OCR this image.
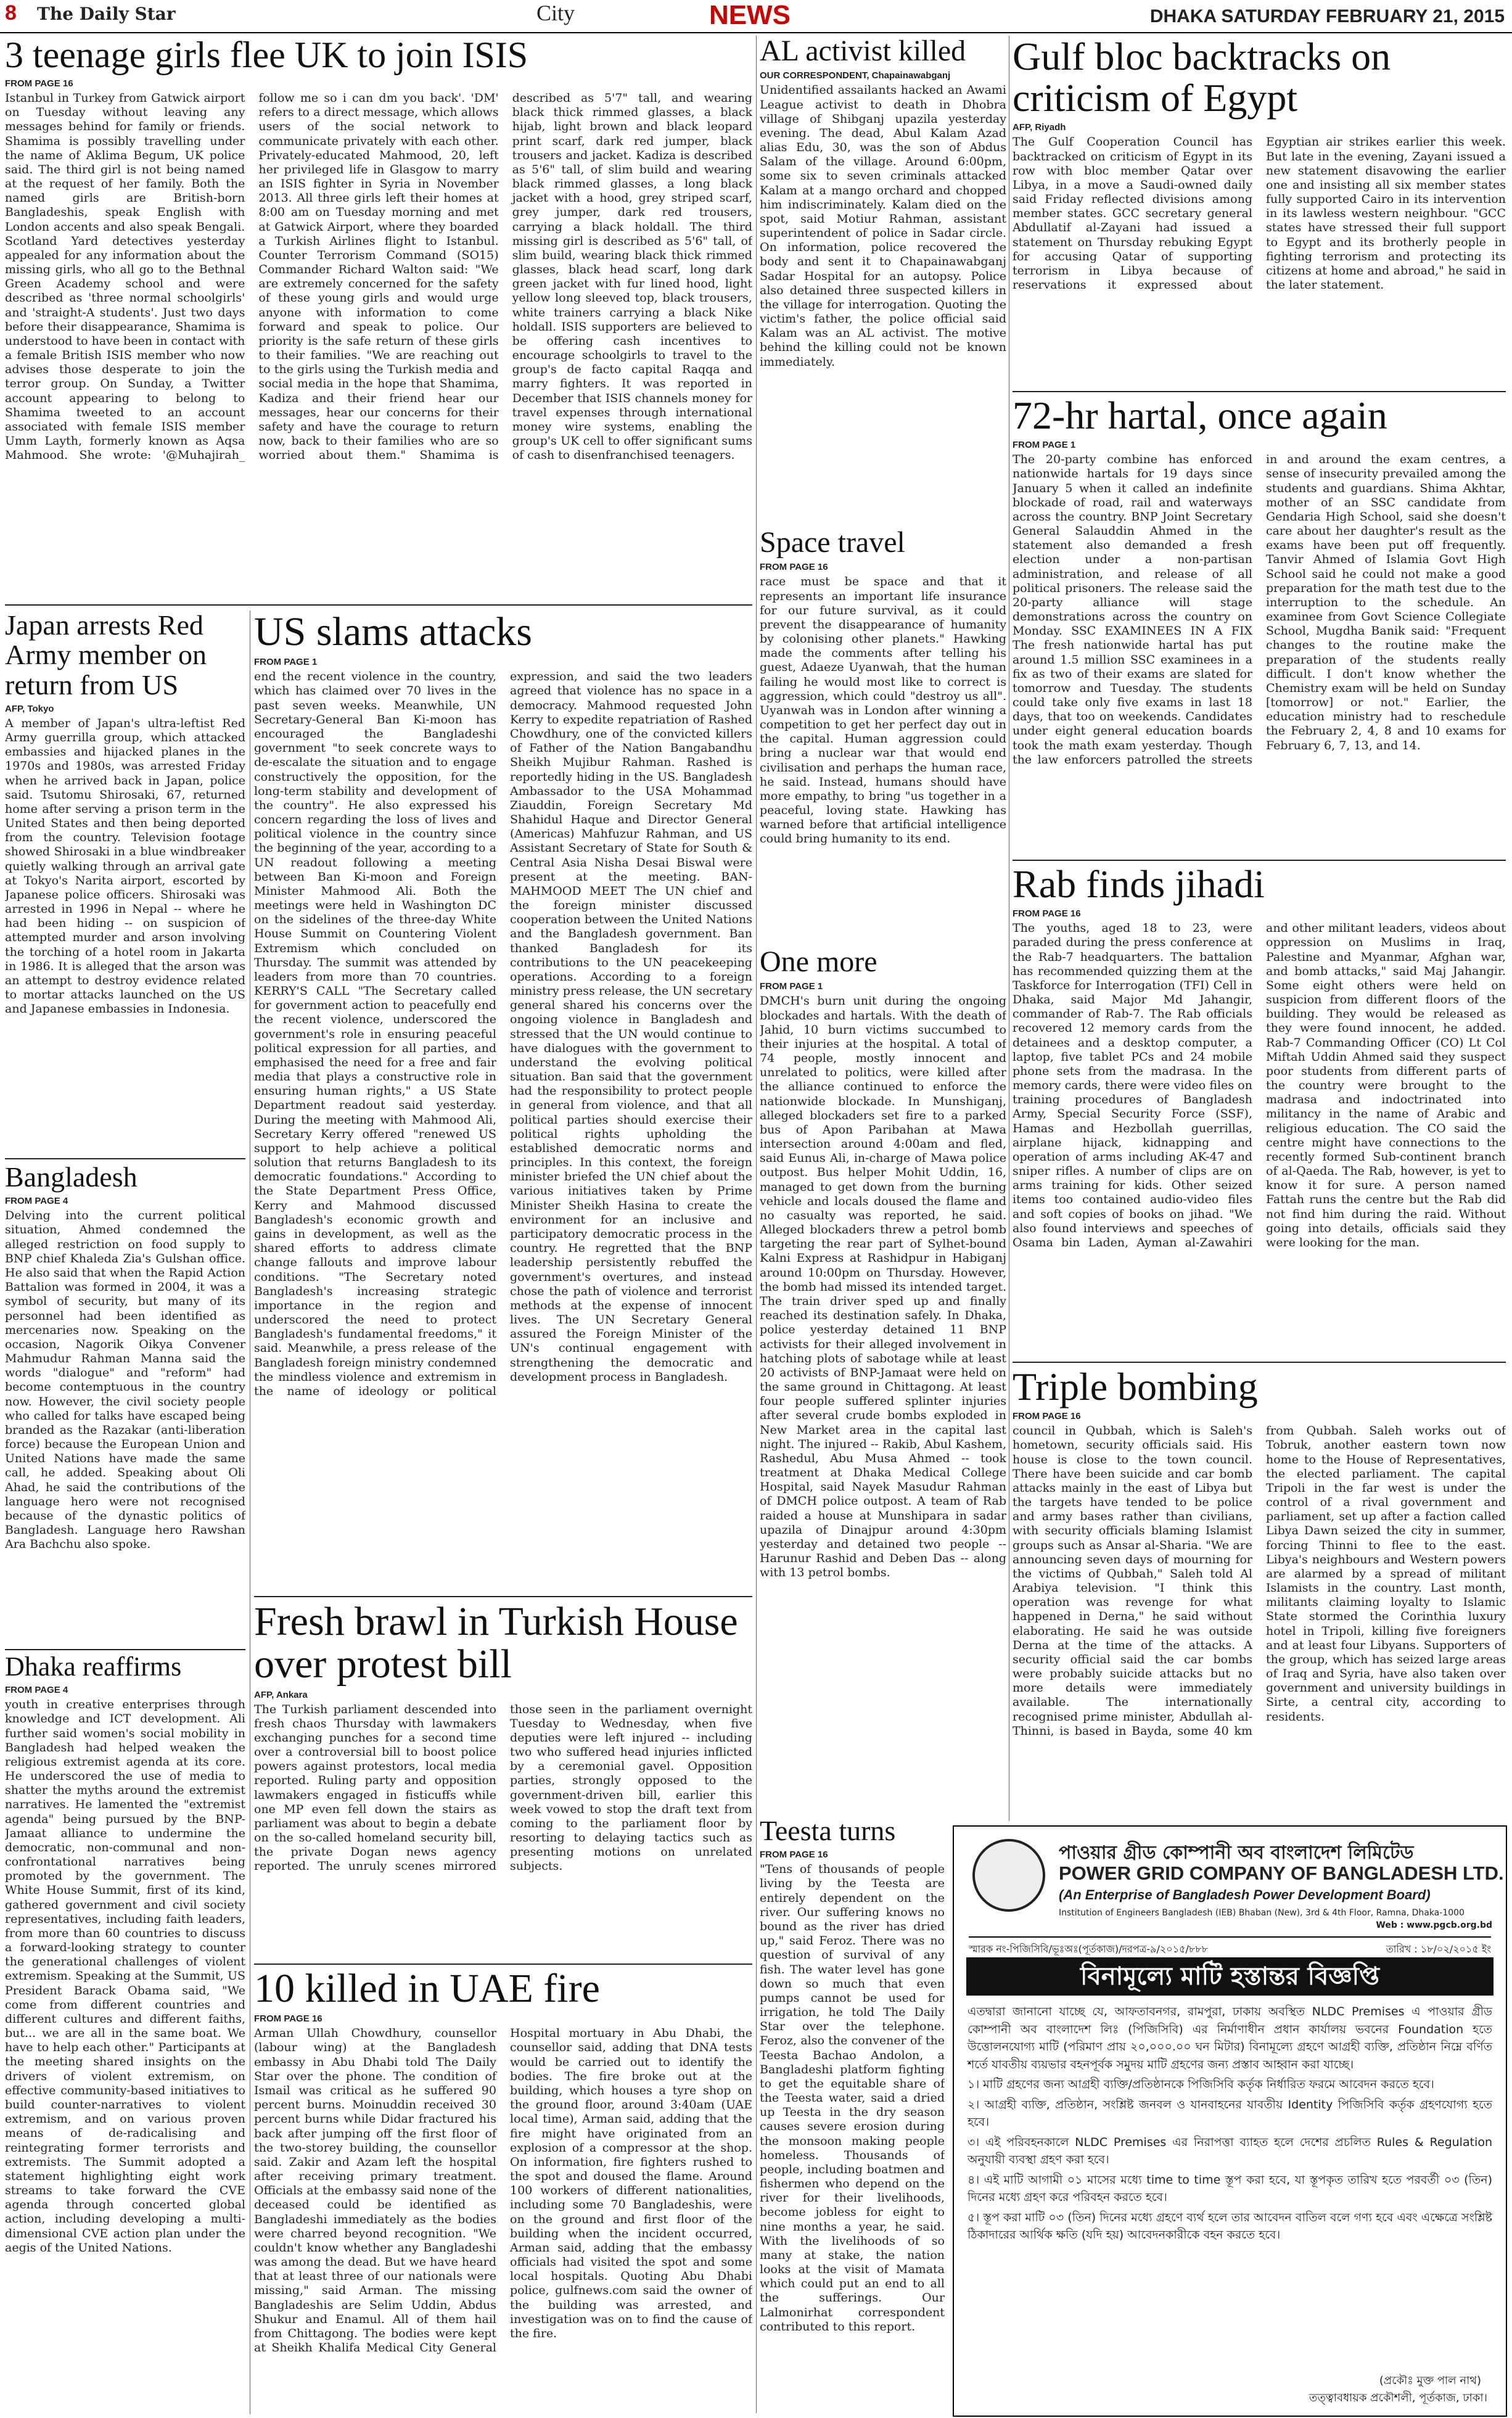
8 The Daily Star	City	NEWS	DHAKA SATURDAY FEBRUARY 21, 2015
3 teenage girls flee UK to join ISIS
FROM PAGE 16
Istanbul in Turkey from Gatwick airport on Tuesday without leaving any messages behind for family or friends. Shamima is possibly travelling under the name of Aklima Begum, UK police said. The third girl is not being named at the request of her family. Both the named girls are British-born Bangladeshis, speak English with London accents and also speak Bengali. Scotland Yard detectives yesterday appealed for any information about the missing girls, who all go to the Bethnal Green Academy school and were described as 'three normal schoolgirls' and 'straight-A students'. Just two days before their disappearance, Shamima is understood to have been in contact with a female British ISIS member who now advises those desperate to join the terror group. On Sunday, a Twitter account appearing to belong to Shamima tweeted to an account associated with female ISIS member Umm Layth, formerly known as Aqsa Mahmood. She wrote: '@Muhajirah_ follow me so i can dm you back'. 'DM' refers to a direct message, which allows users of the social network to communicate privately with each other. Privately-educated Mahmood, 20, left her privileged life in Glasgow to marry an ISIS fighter in Syria in November 2013. All three girls left their homes at 8:00 am on Tuesday morning and met at Gatwick Airport, where they boarded a Turkish Airlines flight to Istanbul. Counter Terrorism Command (SO15) Commander Richard Walton said: "We are extremely concerned for the safety of these young girls and would urge anyone with information to come forward and speak to police. Our priority is the safe return of these girls to their families. "We are reaching out to the girls using the Turkish media and social media in the hope that Shamima, Kadiza and their friend hear our messages, hear our concerns for their safety and have the courage to return now, back to their families who are so worried about them." Shamima is described as 5'7" tall, and wearing black thick rimmed glasses, a black hijab, light brown and black leopard print scarf, dark red jumper, black trousers and jacket. Kadiza is described as 5'6" tall, of slim build and wearing black rimmed glasses, a long black jacket with a hood, grey striped scarf, grey jumper, dark red trousers, carrying a black holdall. The third missing girl is described as 5'6" tall, of slim build, wearing black thick rimmed glasses, black head scarf, long dark green jacket with fur lined hood, light yellow long sleeved top, black trousers, white trainers carrying a black Nike holdall. ISIS supporters are believed to be offering cash incentives to encourage schoolgirls to travel to the group's de facto capital Raqqa and marry fighters. It was reported in December that ISIS channels money for travel expenses through international money wire systems, enabling the group's UK cell to offer significant sums of cash to disenfranchised teenagers.
AL activist killed
OUR CORRESPONDENT, Chapainawabganj
Unidentified assailants hacked an Awami League activist to death in Dhobra village of Shibganj upazila yesterday evening. The dead, Abul Kalam Azad alias Edu, 30, was the son of Abdus Salam of the village. Around 6:00pm, some six to seven criminals attacked Kalam at a mango orchard and chopped him indiscriminately. Kalam died on the spot, said Motiur Rahman, assistant superintendent of police in Sadar circle. On information, police recovered the body and sent it to Chapainawabganj Sadar Hospital for an autopsy. Police also detained three suspected killers in the village for interrogation. Quoting the victim's father, the police official said Kalam was an AL activist. The motive behind the killing could not be known immediately.
Gulf bloc backtracks on criticism of Egypt
AFP, Riyadh
The Gulf Cooperation Council has backtracked on criticism of Egypt in its row with bloc member Qatar over Libya, in a move a Saudi-owned daily said Friday reflected divisions among member states. GCC secretary general Abdullatif al-Zayani had issued a statement on Thursday rebuking Egypt for accusing Qatar of supporting terrorism in Libya because of reservations it expressed about Egyptian air strikes earlier this week. But late in the evening, Zayani issued a new statement disavowing the earlier one and insisting all six member states fully supported Cairo in its intervention in its lawless western neighbour. "GCC states have stressed their full support to Egypt and its brotherly people in fighting terrorism and protecting its citizens at home and abroad," he said in the later statement.
72-hr hartal, once again
FROM PAGE 1
The 20-party combine has enforced nationwide hartals for 19 days since January 5 when it called an indefinite blockade of road, rail and waterways across the country. BNP Joint Secretary General Salauddin Ahmed in the statement also demanded a fresh election under a non-partisan administration, and release of all political prisoners. The release said the 20-party alliance will stage demonstrations across the country on Monday. SSC EXAMINEES IN A FIX The fresh nationwide hartal has put around 1.5 million SSC examinees in a fix as two of their exams are slated for tomorrow and Tuesday. The students could take only five exams in last 18 days, that too on weekends. Candidates under eight general education boards took the math exam yesterday. Though the law enforcers patrolled the streets in and around the exam centres, a sense of insecurity prevailed among the students and guardians. Shima Akhtar, mother of an SSC candidate from Gendaria High School, said she doesn't care about her daughter's result as the exams have been put off frequently. Tanvir Ahmed of Islamia Govt High School said he could not make a good preparation for the math test due to the interruption to the schedule. An examinee from Govt Science Collegiate School, Mugdha Banik said: "Frequent changes to the routine make the preparation of the students really difficult. I don't know whether the Chemistry exam will be held on Sunday [tomorrow] or not." Earlier, the education ministry had to reschedule the February 2, 4, 8 and 10 exams for February 6, 7, 13, and 14.
Japan arrests Red Army member on return from US
AFP, Tokyo
A member of Japan's ultra-leftist Red Army guerrilla group, which attacked embassies and hijacked planes in the 1970s and 1980s, was arrested Friday when he arrived back in Japan, police said. Tsutomu Shirosaki, 67, returned home after serving a prison term in the United States and then being deported from the country. Television footage showed Shirosaki in a blue windbreaker quietly walking through an arrival gate at Tokyo's Narita airport, escorted by Japanese police officers. Shirosaki was arrested in 1996 in Nepal -- where he had been hiding -- on suspicion of attempted murder and arson involving the torching of a hotel room in Jakarta in 1986. It is alleged that the arson was an attempt to destroy evidence related to mortar attacks launched on the US and Japanese embassies in Indonesia.
Bangladesh
FROM PAGE 4
Delving into the current political situation, Ahmed condemned the alleged restriction on food supply to BNP chief Khaleda Zia's Gulshan office. He also said that when the Rapid Action Battalion was formed in 2004, it was a symbol of security, but many of its personnel had been identified as mercenaries now. Speaking on the occasion, Nagorik Oikya Convener Mahmudur Rahman Manna said the words "dialogue" and "reform" had become contemptuous in the country now. However, the civil society people who called for talks have escaped being branded as the Razakar (anti-liberation force) because the European Union and United Nations have made the same call, he added. Speaking about Oli Ahad, he said the contributions of the language hero were not recognised because of the dynastic politics of Bangladesh. Language hero Rawshan Ara Bachchu also spoke.
Dhaka reaffirms
FROM PAGE 4
youth in creative enterprises through knowledge and ICT development. Ali further said women's social mobility in Bangladesh had helped weaken the religious extremist agenda at its core. He underscored the use of media to shatter the myths around the extremist narratives. He lamented the "extremist agenda" being pursued by the BNP-Jamaat alliance to undermine the democratic, non-communal and non-confrontational narratives being promoted by the government. The White House Summit, first of its kind, gathered government and civil society representatives, including faith leaders, from more than 60 countries to discuss a forward-looking strategy to counter the generational challenges of violent extremism. Speaking at the Summit, US President Barack Obama said, "We come from different countries and different cultures and different faiths, but... we are all in the same boat. We have to help each other." Participants at the meeting shared insights on the drivers of violent extremism, on effective community-based initiatives to build counter-narratives to violent extremism, and on various proven means of de-radicalising and reintegrating former terrorists and extremists. The Summit adopted a statement highlighting eight work streams to take forward the CVE agenda through concerted global action, including developing a multi-dimensional CVE action plan under the aegis of the United Nations.
US slams attacks
FROM PAGE 1
end the recent violence in the country, which has claimed over 70 lives in the past seven weeks. Meanwhile, UN Secretary-General Ban Ki-moon has encouraged the Bangladeshi government "to seek concrete ways to de-escalate the situation and to engage constructively the opposition, for the long-term stability and development of the country". He also expressed his concern regarding the loss of lives and political violence in the country since the beginning of the year, according to a UN readout following a meeting between Ban Ki-moon and Foreign Minister Mahmood Ali. Both the meetings were held in Washington DC on the sidelines of the three-day White House Summit on Countering Violent Extremism which concluded on Thursday. The summit was attended by leaders from more than 70 countries. KERRY'S CALL "The Secretary called for government action to peacefully end the recent violence, underscored the government's role in ensuring peaceful political expression for all parties, and emphasised the need for a free and fair media that plays a constructive role in ensuring human rights," a US State Department readout said yesterday. During the meeting with Mahmood Ali, Secretary Kerry offered "renewed US support to help achieve a political solution that returns Bangladesh to its democratic foundations." According to the State Department Press Office, Kerry and Mahmood discussed Bangladesh's economic growth and gains in development, as well as the shared efforts to address climate change fallouts and improve labour conditions. "The Secretary noted Bangladesh's increasing strategic importance in the region and underscored the need to protect Bangladesh's fundamental freedoms," it said. Meanwhile, a press release of the Bangladesh foreign ministry condemned the mindless violence and extremism in the name of ideology or political expression, and said the two leaders agreed that violence has no space in a democracy. Mahmood requested John Kerry to expedite repatriation of Rashed Chowdhury, one of the convicted killers of Father of the Nation Bangabandhu Sheikh Mujibur Rahman. Rashed is reportedly hiding in the US. Bangladesh Ambassador to the USA Mohammad Ziauddin, Foreign Secretary Md Shahidul Haque and Director General (Americas) Mahfuzur Rahman, and US Assistant Secretary of State for South & Central Asia Nisha Desai Biswal were present at the meeting. BAN-MAHMOOD MEET The UN chief and the foreign minister discussed cooperation between the United Nations and the Bangladesh government. Ban thanked Bangladesh for its contributions to the UN peacekeeping operations. According to a foreign ministry press release, the UN secretary general shared his concerns over the ongoing violence in Bangladesh and stressed that the UN would continue to have dialogues with the government to understand the evolving political situation. Ban said that the government had the responsibility to protect people in general from violence, and that all political parties should exercise their political rights upholding the established democratic norms and principles. In this context, the foreign minister briefed the UN chief about the various initiatives taken by Prime Minister Sheikh Hasina to create the environment for an inclusive and participatory democratic process in the country. He regretted that the BNP leadership persistently rebuffed the government's overtures, and instead chose the path of violence and terrorist methods at the expense of innocent lives. The UN Secretary General assured the Foreign Minister of the UN's continual engagement with strengthening the democratic and development process in Bangladesh.
Space travel
FROM PAGE 16
race must be space and that it represents an important life insurance for our future survival, as it could prevent the disappearance of humanity by colonising other planets." Hawking made the comments after telling his guest, Adaeze Uyanwah, that the human failing he would most like to correct is aggression, which could "destroy us all". Uyanwah was in London after winning a competition to get her perfect day out in the capital. Human aggression could bring a nuclear war that would end civilisation and perhaps the human race, he said. Instead, humans should have more empathy, to bring "us together in a peaceful, loving state. Hawking has warned before that artificial intelligence could bring humanity to its end.
One more
FROM PAGE 1
DMCH's burn unit during the ongoing blockades and hartals. With the death of Jahid, 10 burn victims succumbed to their injuries at the hospital. A total of 74 people, mostly innocent and unrelated to politics, were killed after the alliance continued to enforce the nationwide blockade. In Munshiganj, alleged blockaders set fire to a parked bus of Apon Paribahan at Mawa intersection around 4:00am and fled, said Eunus Ali, in-charge of Mawa police outpost. Bus helper Mohit Uddin, 16, managed to get down from the burning vehicle and locals doused the flame and no casualty was reported, he said. Alleged blockaders threw a petrol bomb targeting the rear part of Sylhet-bound Kalni Express at Rashidpur in Habiganj around 10:00pm on Thursday. However, the bomb had missed its intended target. The train driver sped up and finally reached its destination safely. In Dhaka, police yesterday detained 11 BNP activists for their alleged involvement in hatching plots of sabotage while at least 20 activists of BNP-Jamaat were held on the same ground in Chittagong. At least four people suffered splinter injuries after several crude bombs exploded in New Market area in the capital last night. The injured -- Rakib, Abul Kashem, Rashedul, Abu Musa Ahmed -- took treatment at Dhaka Medical College Hospital, said Nayek Masudur Rahman of DMCH police outpost. A team of Rab raided a house at Munshipara in sadar upazila of Dinajpur around 4:30pm yesterday and detained two people -- Harunur Rashid and Deben Das -- along with 13 petrol bombs.
Rab finds jihadi
FROM PAGE 16
The youths, aged 18 to 23, were paraded during the press conference at the Rab-7 headquarters. The battalion has recommended quizzing them at the Taskforce for Interrogation (TFI) Cell in Dhaka, said Major Md Jahangir, commander of Rab-7. The Rab officials recovered 12 memory cards from the detainees and a desktop computer, a laptop, five tablet PCs and 24 mobile phone sets from the madrasa. In the memory cards, there were video files on training procedures of Bangladesh Army, Special Security Force (SSF), Hamas and Hezbollah guerrillas, airplane hijack, kidnapping and operation of arms including AK-47 and sniper rifles. A number of clips are on arms training for kids. Other seized items too contained audio-video files and soft copies of books on jihad. "We also found interviews and speeches of Osama bin Laden, Ayman al-Zawahiri and other militant leaders, videos about oppression on Muslims in Iraq, Palestine and Myanmar, Afghan war, and bomb attacks," said Maj Jahangir. Some eight others were held on suspicion from different floors of the building. They would be released as they were found innocent, he added. Rab-7 Commanding Officer (CO) Lt Col Miftah Uddin Ahmed said they suspect poor students from different parts of the country were brought to the madrasa and indoctrinated into militancy in the name of Arabic and religious education. The CO said the centre might have connections to the recently formed Sub-continent branch of al-Qaeda. The Rab, however, is yet to know it for sure. A person named Fattah runs the centre but the Rab did not find him during the raid. Without going into details, officials said they were looking for the man.
Fresh brawl in Turkish House over protest bill
AFP, Ankara
The Turkish parliament descended into fresh chaos Thursday with lawmakers exchanging punches for a second time over a controversial bill to boost police powers against protestors, local media reported. Ruling party and opposition lawmakers engaged in fisticuffs while one MP even fell down the stairs as parliament was about to begin a debate on the so-called homeland security bill, the private Dogan news agency reported. The unruly scenes mirrored those seen in the parliament overnight Tuesday to Wednesday, when five deputies were left injured -- including two who suffered head injuries inflicted by a ceremonial gavel. Opposition parties, strongly opposed to the government-driven bill, earlier this week vowed to stop the draft text from coming to the parliament floor by resorting to delaying tactics such as presenting motions on unrelated subjects.
10 killed in UAE fire
FROM PAGE 16
Arman Ullah Chowdhury, counsellor (labour wing) at the Bangladesh embassy in Abu Dhabi told The Daily Star over the phone. The condition of Ismail was critical as he suffered 90 percent burns. Moinuddin received 30 percent burns while Didar fractured his back after jumping off the first floor of the two-storey building, the counsellor said. Zakir and Azam left the hospital after receiving primary treatment. Officials at the embassy said none of the deceased could be identified as Bangladeshi immediately as the bodies were charred beyond recognition. "We couldn't know whether any Bangladeshi was among the dead. But we have heard that at least three of our nationals were missing," said Arman. The missing Bangladeshis are Selim Uddin, Abdus Shukur and Enamul. All of them hail from Chittagong. The bodies were kept at Sheikh Khalifa Medical City General Hospital mortuary in Abu Dhabi, the counsellor said, adding that DNA tests would be carried out to identify the bodies. The fire broke out at the building, which houses a tyre shop on the ground floor, around 3:40am (UAE local time), Arman said, adding that the fire might have originated from an explosion of a compressor at the shop. On information, fire fighters rushed to the spot and doused the flame. Around 100 workers of different nationalities, including some 70 Bangladeshis, were on the ground and first floor of the building when the incident occurred, Arman said, adding that the embassy officials had visited the spot and some local hospitals. Quoting Abu Dhabi police, gulfnews.com said the owner of the building was arrested, and investigation was on to find the cause of the fire.
Teesta turns
FROM PAGE 16
"Tens of thousands of people living by the Teesta are entirely dependent on the river. Our suffering knows no bound as the river has dried up," said Feroz. There was no question of survival of any fish. The water level has gone down so much that even pumps cannot be used for irrigation, he told The Daily Star over the telephone. Feroz, also the convener of the Teesta Bachao Andolon, a Bangladeshi platform fighting to get the equitable share of the Teesta water, said a dried up Teesta in the dry season causes severe erosion during the monsoon making people homeless. Thousands of people, including boatmen and fishermen who depend on the river for their livelihoods, become jobless for eight to nine months a year, he said. With the livelihoods of so many at stake, the nation looks at the visit of Mamata which could put an end to all the sufferings. Our Lalmonirhat correspondent contributed to this report.
Triple bombing
FROM PAGE 16
council in Qubbah, which is Saleh's hometown, security officials said. His house is close to the town council. There have been suicide and car bomb attacks mainly in the east of Libya but the targets have tended to be police and army bases rather than civilians, with security officials blaming Islamist groups such as Ansar al-Sharia. "We are announcing seven days of mourning for the victims of Qubbah," Saleh told Al Arabiya television. "I think this operation was revenge for what happened in Derna," he said without elaborating. He said he was outside Derna at the time of the attacks. A security official said the car bombs were probably suicide attacks but no more details were immediately available. The internationally recognised prime minister, Abdullah al-Thinni, is based in Bayda, some 40 km from Qubbah. Saleh works out of Tobruk, another eastern town now home to the House of Representatives, the elected parliament. The capital Tripoli in the far west is under the control of a rival government and parliament, set up after a faction called Libya Dawn seized the city in summer, forcing Thinni to flee to the east. Libya's neighbours and Western powers are alarmed by a spread of militant Islamists in the country. Last month, militants claiming loyalty to Islamic State stormed the Corinthia luxury hotel in Tripoli, killing five foreigners and at least four Libyans. Supporters of the group, which has seized large areas of Iraq and Syria, have also taken over government and university buildings in Sirte, a central city, according to residents.
পাওয়ার গ্রীড কোম্পানী অব বাংলাদেশ লিমিটেড
POWER GRID COMPANY OF BANGLADESH LTD.
(An Enterprise of Bangladesh Power Development Board)
Institution of Engineers Bangladesh (IEB) Bhaban (New), 3rd & 4th Floor, Ramna, Dhaka-1000
Web : www.pgcb.org.bd
স্মারক নং-পিজিসিবি/ভূঃঅঃ(পূর্তকাজ)/দরপত্র-৯/২০১৫/৮৮৮	তারিখ : ১৮/০২/২০১৫ ইং
বিনামূল্যে মাটি হস্তান্তর বিজ্ঞপ্তি

এতদ্বারা জানানো যাচ্ছে যে, আফতাবনগর, রামপুরা, ঢাকায় অবস্থিত NLDC Premises এ পাওয়ার গ্রীড কোম্পানী অব বাংলাদেশ লিঃ (পিজিসিবি) এর নির্মাণাধীন প্রধান কার্যালয় ভবনের Foundation হতে উত্তোলনযোগ্য মাটি (পরিমাণ প্রায় ২০,০০০.০০ ঘন মিটার) বিনামূল্যে গ্রহণে আগ্রহী ব্যক্তি, প্রতিষ্ঠান নিম্নে বর্ণিত শর্তে যাবতীয় ব্যয়ভার বহনপূর্বক সমুদয় মাটি গ্রহণের জন্য প্রস্তাব আহ্বান করা যাচ্ছে।

১। মাটি গ্রহণের জন্য আগ্রহী ব্যক্তি/প্রতিষ্ঠানকে পিজিসিবি কর্তৃক নির্ধারিত ফরমে আবেদন করতে হবে।

২। আগ্রহী ব্যক্তি, প্রতিষ্ঠান, সংশ্লিষ্ট জনবল ও যানবাহনের যাবতীয় Identity পিজিসিবি কর্তৃক গ্রহণযোগ্য হতে হবে।

৩। এই পরিবহনকালে NLDC Premises এর নিরাপত্তা ব্যাহত হলে দেশের প্রচলিত Rules & Regulation অনুযায়ী ব্যবস্থা গ্রহণ করা হবে।

৪। এই মাটি আগামী ০১ মাসের মধ্যে time to time স্তূপ করা হবে, যা স্তূপকৃত তারিখ হতে পরবর্তী ০৩ (তিন) দিনের মধ্যে গ্রহণ করে পরিবহন করতে হবে।

৫। স্তূপ করা মাটি ০৩ (তিন) দিনের মধ্যে গ্রহণে ব্যর্থ হলে তার আবেদন বাতিল বলে গণ্য হবে এবং এক্ষেত্রে সংশ্লিষ্ট ঠিকাদারের আর্থিক ক্ষতি (যদি হয়) আবেদনকারীকে বহন করতে হবে।

(প্রকৌঃ মুক্ত পাল নাথ)
তত্ত্বাবধায়ক প্রকৌশলী, পূর্তকাজ, ঢাকা।
